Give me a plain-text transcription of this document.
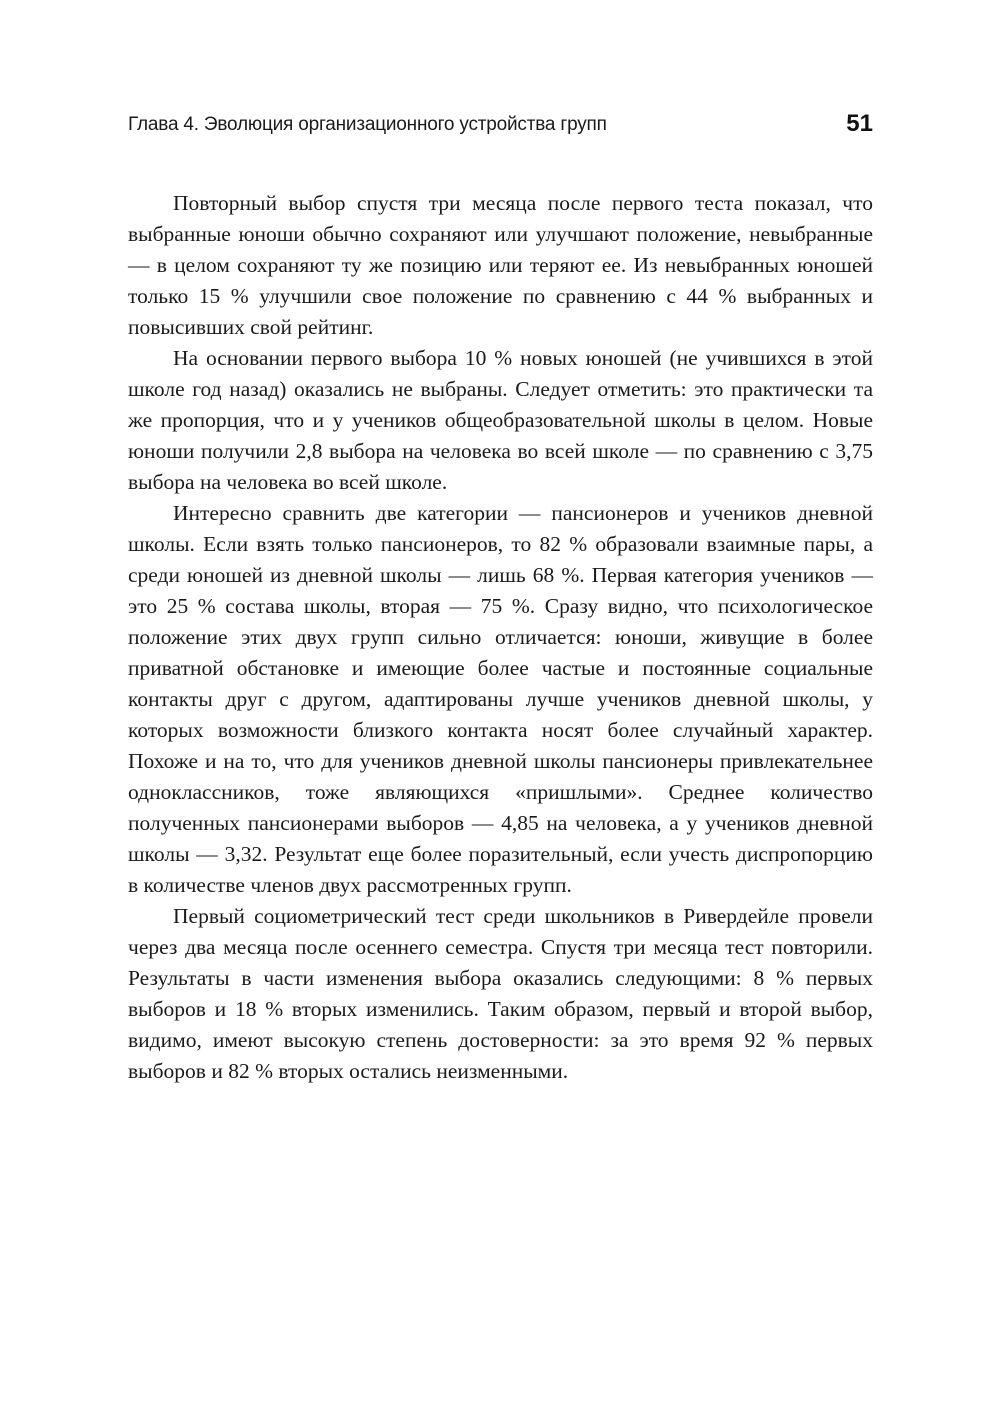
Глава 4. Эволюция организационного устройства групп	51

Повторный выбор спустя три месяца после первого теста показал, что выбранные юноши обычно сохраняют или улучшают положение, невыбранные — в целом сохраняют ту же позицию или теряют ее. Из невыбранных юношей только 15 % улучшили свое положение по сравнению с 44 % выбранных и повысивших свой рейтинг.

На основании первого выбора 10 % новых юношей (не учившихся в этой школе год назад) оказались не выбраны. Следует отметить: это практически та же пропорция, что и у учеников общеобразовательной школы в целом. Новые юноши получили 2,8 выбора на человека во всей школе — по сравнению с 3,75 выбора на человека во всей школе.

Интересно сравнить две категории — пансионеров и учеников дневной школы. Если взять только пансионеров, то 82 % образовали взаимные пары, а среди юношей из дневной школы — лишь 68 %. Первая категория учеников — это 25 % состава школы, вторая — 75 %. Сразу видно, что психологическое положение этих двух групп сильно отличается: юноши, живущие в более приватной обстановке и имеющие более частые и постоянные социальные контакты друг с другом, адаптированы лучше учеников дневной школы, у которых возможности близкого контакта носят более случайный характер. Похоже и на то, что для учеников дневной школы пансионеры привлекательнее одноклассников, тоже являющихся «пришлыми». Среднее количество полученных пансионерами выборов — 4,85 на человека, а у учеников дневной школы — 3,32. Результат еще более поразительный, если учесть диспропорцию в количестве членов двух рассмотренных групп.

Первый социометрический тест среди школьников в Ривердейле провели через два месяца после осеннего семестра. Спустя три месяца тест повторили. Результаты в части изменения выбора оказались следующими: 8 % первых выборов и 18 % вторых изменились. Таким образом, первый и второй выбор, видимо, имеют высокую степень достоверности: за это время 92 % первых выборов и 82 % вторых остались неизменными.
